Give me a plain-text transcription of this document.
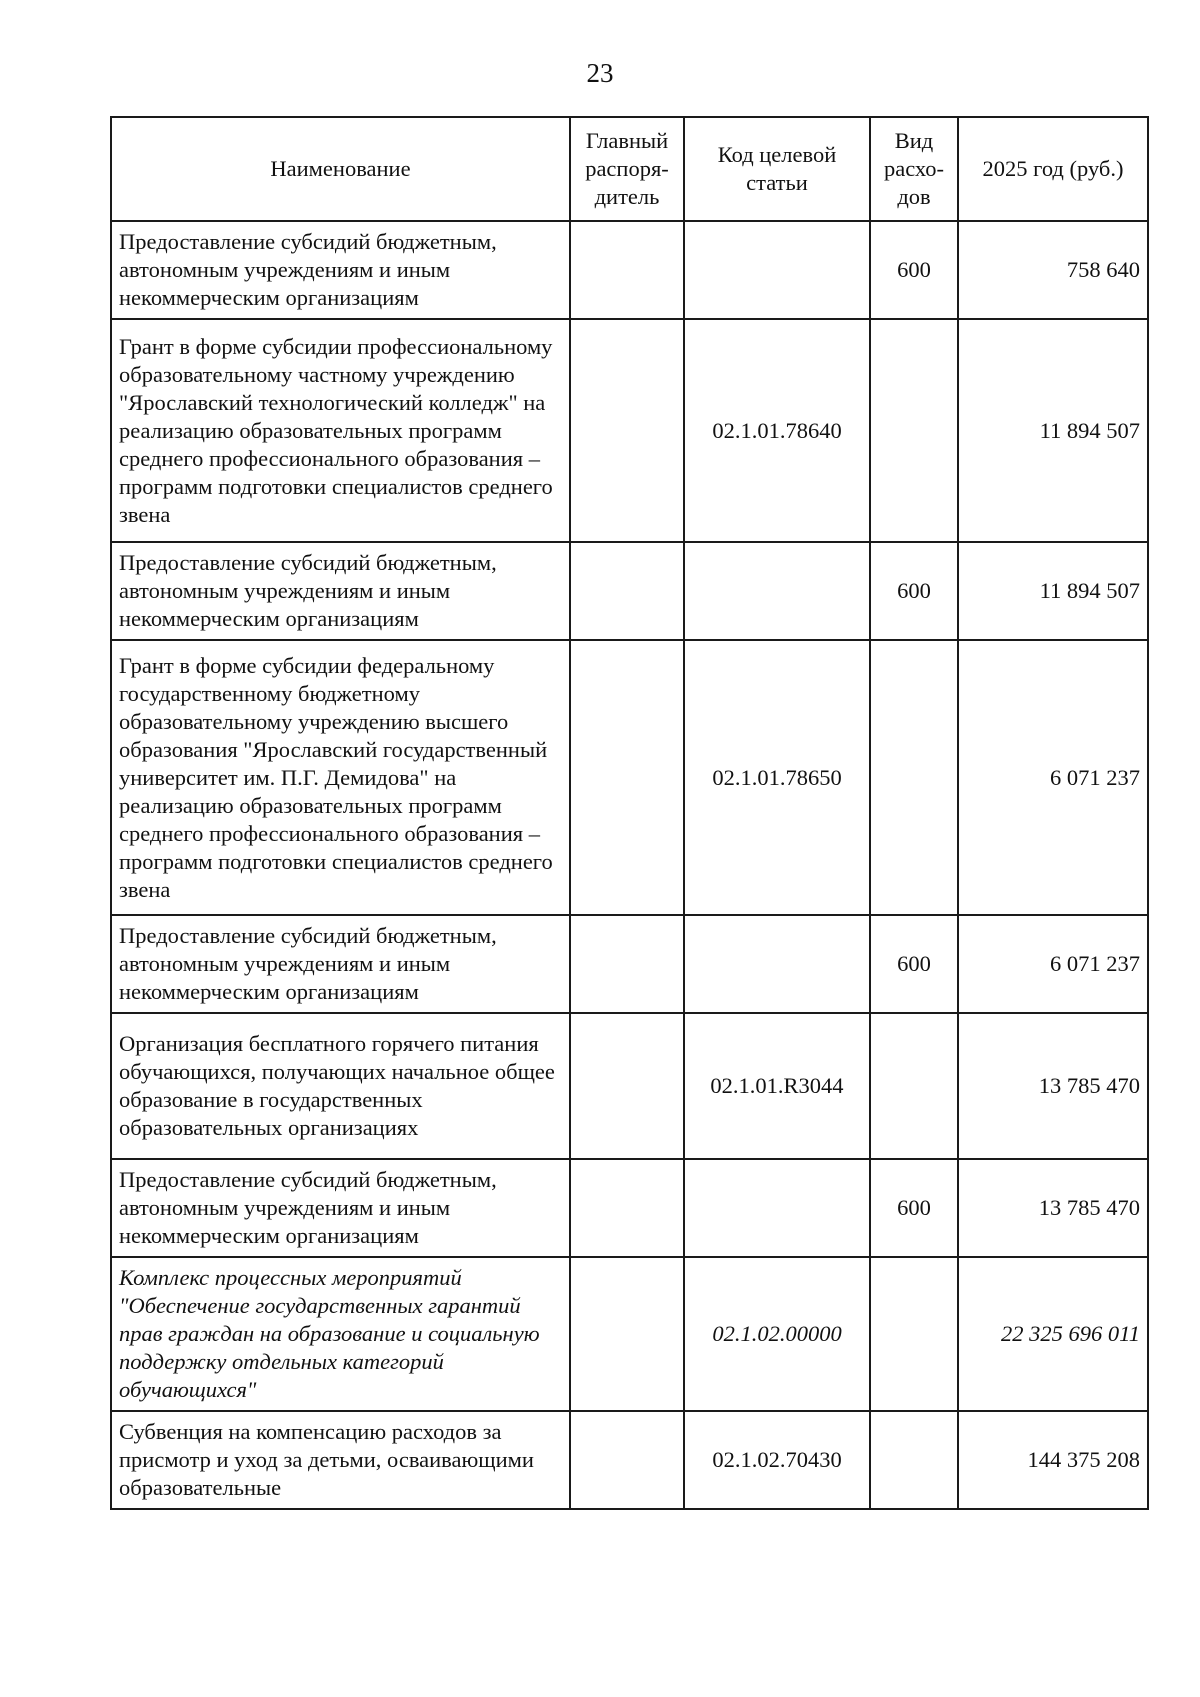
23
Наименование	Главный распоря-дитель	Код целевой статьи	Вид расхо-дов	2025 год (руб.)
Предоставление субсидий бюджетным, автономным учреждениям и иным некоммерческим организациям			600	758 640
Грант в форме субсидии профессиональному образовательному частному учреждению "Ярославский технологический колледж" на реализацию образовательных программ среднего профессионального образования – программ подготовки специалистов среднего звена		02.1.01.78640		11 894 507
Предоставление субсидий бюджетным, автономным учреждениям и иным некоммерческим организациям			600	11 894 507
Грант в форме субсидии федеральному государственному бюджетному образовательному учреждению высшего образования "Ярославский государственный университет им. П.Г. Демидова" на реализацию образовательных программ среднего профессионального образования – программ подготовки специалистов среднего звена		02.1.01.78650		6 071 237
Предоставление субсидий бюджетным, автономным учреждениям и иным некоммерческим организациям			600	6 071 237
Организация бесплатного горячего питания обучающихся, получающих начальное общее образование в государственных образовательных организациях		02.1.01.R3044		13 785 470
Предоставление субсидий бюджетным, автономным учреждениям и иным некоммерческим организациям			600	13 785 470
Комплекс процессных мероприятий "Обеспечение государственных гарантий прав граждан на образование и социальную поддержку отдельных категорий обучающихся"		02.1.02.00000		22 325 696 011
Субвенция на компенсацию расходов за присмотр и уход за детьми, осваивающими образовательные		02.1.02.70430		144 375 208
